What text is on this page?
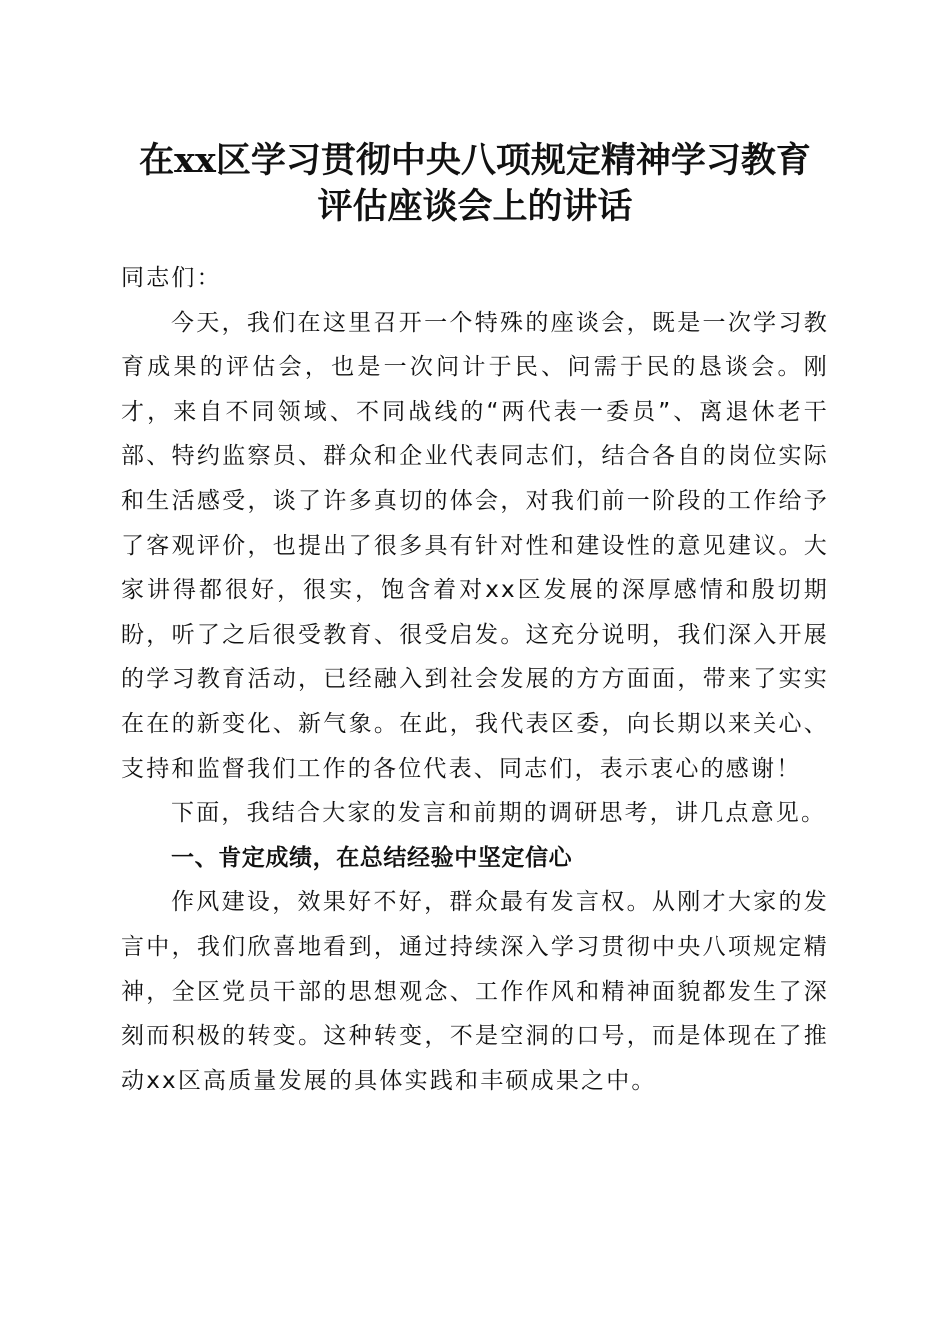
在xx区学习贯彻中央八项规定精神学习教育
评估座谈会上的讲话

同志们：

今天，我们在这里召开一个特殊的座谈会，既是一次学习教育成果的评估会，也是一次问计于民、问需于民的恳谈会。刚才，来自不同领域、不同战线的“两代表一委员”、离退休老干部、特约监察员、群众和企业代表同志们，结合各自的岗位实际和生活感受，谈了许多真切的体会，对我们前一阶段的工作给予了客观评价，也提出了很多具有针对性和建设性的意见建议。大家讲得都很好，很实，饱含着对xx区发展的深厚感情和殷切期盼，听了之后很受教育、很受启发。这充分说明，我们深入开展的学习教育活动，已经融入到社会发展的方方面面，带来了实实在在的新变化、新气象。在此，我代表区委，向长期以来关心、支持和监督我们工作的各位代表、同志们，表示衷心的感谢！

下面，我结合大家的发言和前期的调研思考，讲几点意见。

一、肯定成绩，在总结经验中坚定信心

作风建设，效果好不好，群众最有发言权。从刚才大家的发言中，我们欣喜地看到，通过持续深入学习贯彻中央八项规定精神，全区党员干部的思想观念、工作作风和精神面貌都发生了深刻而积极的转变。这种转变，不是空洞的口号，而是体现在了推动xx区高质量发展的具体实践和丰硕成果之中。
